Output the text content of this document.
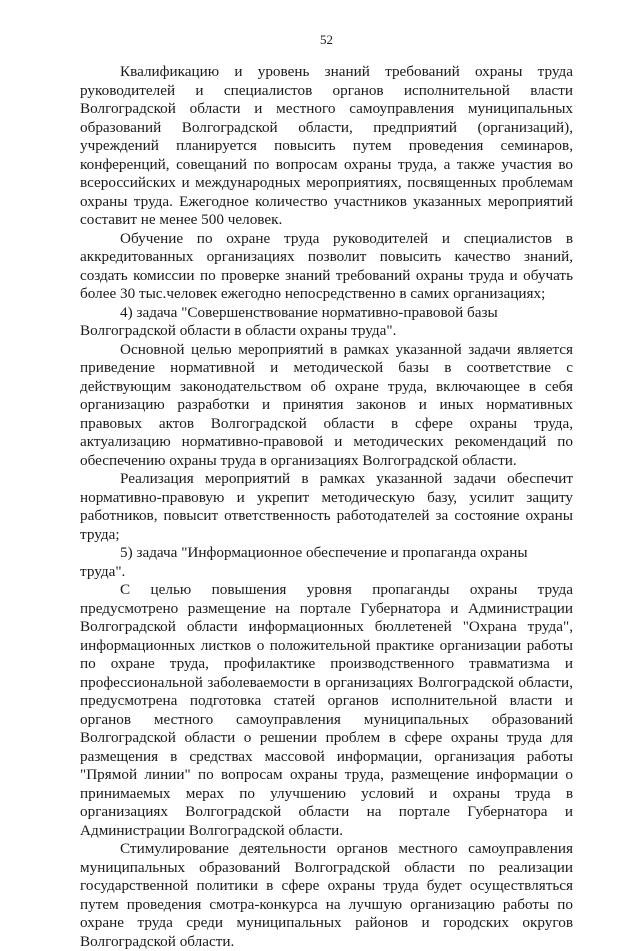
52

Квалификацию и уровень знаний требований охраны труда руководителей и специалистов органов исполнительной власти Волгоградской области и местного самоуправления муниципальных образований Волгоградской области, предприятий (организаций), учреждений планируется повысить путем проведения семинаров, конференций, совещаний по вопросам охраны труда, а также участия во всероссийских и международных мероприятиях, посвященных проблемам охраны труда. Ежегодное количество участников указанных мероприятий составит не менее 500 человек.

Обучение по охране труда руководителей и специалистов в аккредитованных организациях позволит повысить качество знаний, создать комиссии по проверке знаний требований охраны труда и обучать более 30 тыс.человек ежегодно непосредственно в самих организациях;

4) задача "Совершенствование нормативно-правовой базы Волгоградской области в области охраны труда".

Основной целью мероприятий в рамках указанной задачи является приведение нормативной и методической базы в соответствие с действующим законодательством об охране труда, включающее в себя организацию разработки и принятия законов и иных нормативных правовых актов Волгоградской области в сфере охраны труда, актуализацию нормативно-правовой и методических рекомендаций по обеспечению охраны труда в организациях Волгоградской области.

Реализация мероприятий в рамках указанной задачи обеспечит нормативно-правовую и укрепит методическую базу, усилит защиту работников, повысит ответственность работодателей за состояние охраны труда;

5) задача "Информационное обеспечение и пропаганда охраны труда".

С целью повышения уровня пропаганды охраны труда предусмотрено размещение на портале Губернатора и Администрации Волгоградской области информационных бюллетеней "Охрана труда", информационных листков о положительной практике организации работы по охране труда, профилактике производственного травматизма и профессиональной заболеваемости в организациях Волгоградской области, предусмотрена подготовка статей органов исполнительной власти и органов местного самоуправления муниципальных образований Волгоградской области о решении проблем в сфере охраны труда для размещения в средствах массовой информации, организация работы "Прямой линии" по вопросам охраны труда, размещение информации о принимаемых мерах по улучшению условий и охраны труда в организациях Волгоградской области на портале Губернатора и Администрации Волгоградской области.

Стимулирование деятельности органов местного самоуправления муниципальных образований Волгоградской области по реализации государственной политики в сфере охраны труда будет осуществляться путем проведения смотра-конкурса на лучшую организацию работы по охране труда среди муниципальных районов и городских округов Волгоградской области.
